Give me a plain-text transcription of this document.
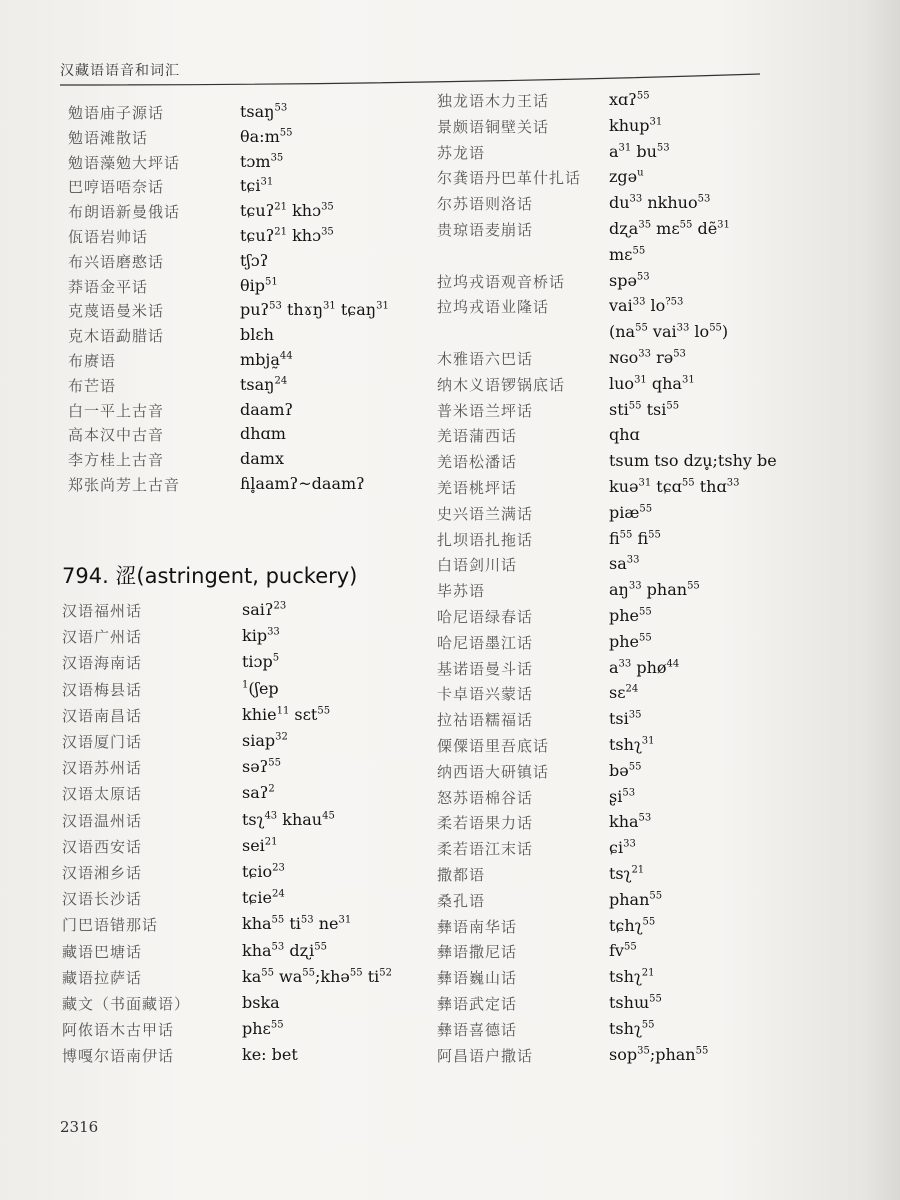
汉藏语语音和词汇
勉语庙子源话	tsaŋ$^{53}$
勉语滩散话	$\theta a:m^{55}$
勉语藻勉大坪话	tɔm$^{35}$
巴哼语唔奈话	tɕi$^{31}$
布朗语新曼俄话	tɕuʔ$^{21}$ khɔ$^{35}$
佤语岩帅话	tɕuʔ$^{21}$ khɔ$^{35}$
布兴语磨憨话	tʃɔʔ
莽语金平话	θip$^{51}$
克蔑语曼米话	puʔ$^{53}$ thɤŋ$^{31}$ tɕaŋ$^{31}$
克木语勐腊话	blɛh
布赓语	mbja̰$^{44}$
布芒语	tsaŋ$^{24}$
白一平上古音	daamʔ
高本汉中古音	dhɑm
李方桂上古音	damx
郑张尚芳上古音	ɦl̥aamʔ~daamʔ
794. 涩(astringent, puckery)
汉语福州话	saiʔ$^{23}$
汉语广州话	kip$^{33}$
汉语海南话	tiɔp$^5$
汉语梅县话	$^1$(ʃep
汉语南昌话	khie$^{11}$ sɛt$^{55}$
汉语厦门话	siap$^{32}$
汉语苏州话	səʔ$^{55}$
汉语太原话	saʔ$^2$
汉语温州话	tsʅ$^{43}$ khau$^{45}$
汉语西安话	sei$^{21}$
汉语湘乡话	tɕio$^{23}$
汉语长沙话	tɕie$^{24}$
门巴语错那话	kha$^{55}$ $ti^{53}$ $ne^{31}$
藏语巴塘话	kha$^{53}$ dʐi$^{55}$
藏语拉萨话	$ka^{55}$ $wa^{55};khə^{55}$ $ti^{52}$
藏文（书面藏语）	bska
阿侬语木古甲话	phɛ$^{55}$
博嘎尔语南伊话	ke: bet
独龙语木力王话	xɑʔ$^{55}$
景颇语铜壁关话	khup$^{31}$
苏龙语	$a^{31}$ $bu^{53}$
尔龚语丹巴革什扎话 zgə$^u$
尔苏语则洛话	$du^{33}$ nkhuo$^{53}$
贵琼语麦崩话	dʐa$^{35}$ mɛ$^{55}$ dẽ$^{31}$
mɛ$^{55}$
拉坞戎语观音桥话	spə$^{53}$
拉坞戎语业隆话	vai$^{33}$ $lo^{?53}$
($na^{55}$ vai$^{33}$ $lo^{55}$)
木雅语六巴话	ɴɢo$^{33}$ rə$^{53}$
纳木义语锣锅底话	luo$^{31}$ qha$^{31}$
普米语兰坪话	sti$^{55}$ tsi$^{55}$
羌语蒲西话	qhɑ
羌语松潘话	tsum tso dzu̥;tshy be
羌语桃坪话	kuə$^{31}$ tɕɑ$^{55}$ thɑ$^{33}$
史兴语兰满话	piæ$^{55}$
扎坝语扎拖话	$fi^{55}$ $fi^{55}$
白语剑川话	$sa^{33}$
毕苏语	$aŋ^{33}$ phan$^{55}$
哈尼语绿春话	phe$^{55}$
哈尼语墨江话	phe$^{55}$
基诺语曼斗话	$a^{33}$ phø$^{44}$
卡卓语兴蒙话	sɛ$^{24}$
拉祜语糯福话	tsi$^{35}$
傈僳语里吾底话	tshʅ$^{31}$
纳西语大研镇话	bə$^{55}$
怒苏语棉谷话	ʂi$^{53}$
柔若语果力话	kha$^{53}$
柔若语江末话	ɕi$^{33}$
撒都语	tsʅ$^{21}$
桑孔语	phan$^{55}$
彝语南华话	tɕhʅ$^{55}$
彝语撒尼话	$fv^{55}$
彝语巍山话	tshʅ$^{21}$
彝语武定话	tshɯ$^{55}$
彝语喜德话	tshʅ$^{55}$
阿昌语户撒话	sop$^{35}$;phan$^{55}$
2316
